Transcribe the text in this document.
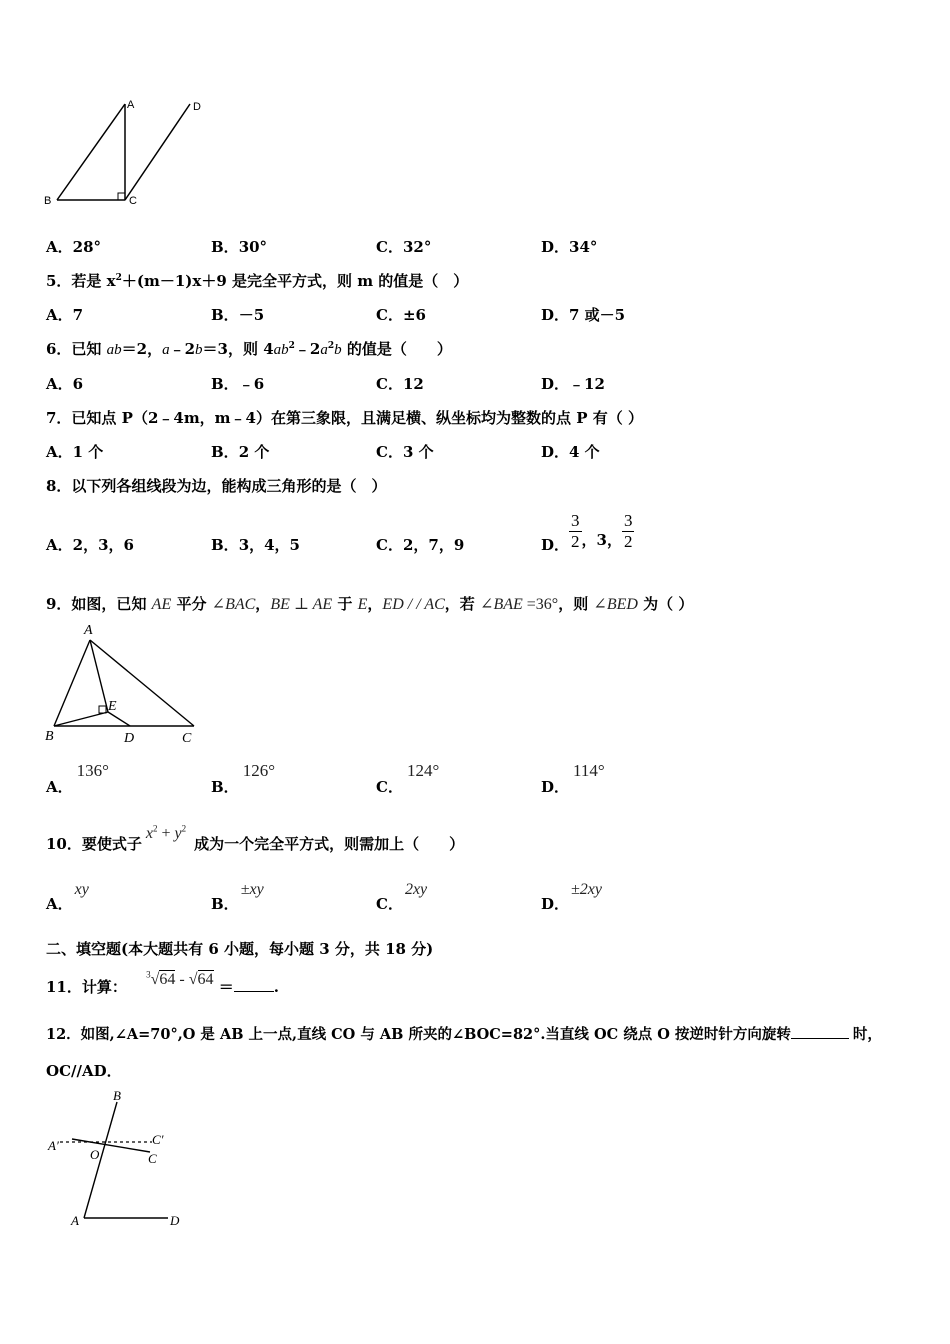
A	D
B	C
A．28°	B．30°	C．32°	D．34°
5．若是 $x^2+(m-1)x+9$ 是完全平方式，则 m 的值是（　）
A．7	B．－5	C．±6	D．7 或－5
6．已知 ab＝2，a﹣2b＝3，则 $4ab^2﹣2a^2b$ 的值是（　　）
A．6	B．﹣6	C．12	D．﹣12
7．已知点 P（2﹣4m，m﹣4）在第三象限，且满足横、纵坐标均为整数的点 P 有（ ）
A．1 个	B．2 个	C．3 个	D．4 个
8．以下列各组线段为边，能构成三角形的是（　）
A．2，3，6	B．3，4，5	C．2，7，9	D． $\frac{3}{2}$ ，3， $\frac{3}{2}$
9．如图，已知 AE 平分 ∠BAC，BE ⊥ AE 于 E，ED / / AC，若 ∠BAE =36°，则 ∠BED 为（ ）
A
B	D	C
E
A．136°
B．126°
C．124°
D．114°
10．要使式子$x^2 + y^2$成为一个完全平方式，则需加上（　　）
A．xy
B．±xy
C．2xy
D．±2xy
二、填空题(本大题共有 6 小题，每小题 3 分，共 18 分)
11．计算： $^3$√64 - √64 ＝	.
12．如图,∠A=70°,O 是 AB 上一点,直线 CO 与 AB 所夹的∠BOC=82°.当直线 OC 绕点 O 按逆时针方向旋转	时，
OC//AD．
B
A′	C′
O	C
A	D
